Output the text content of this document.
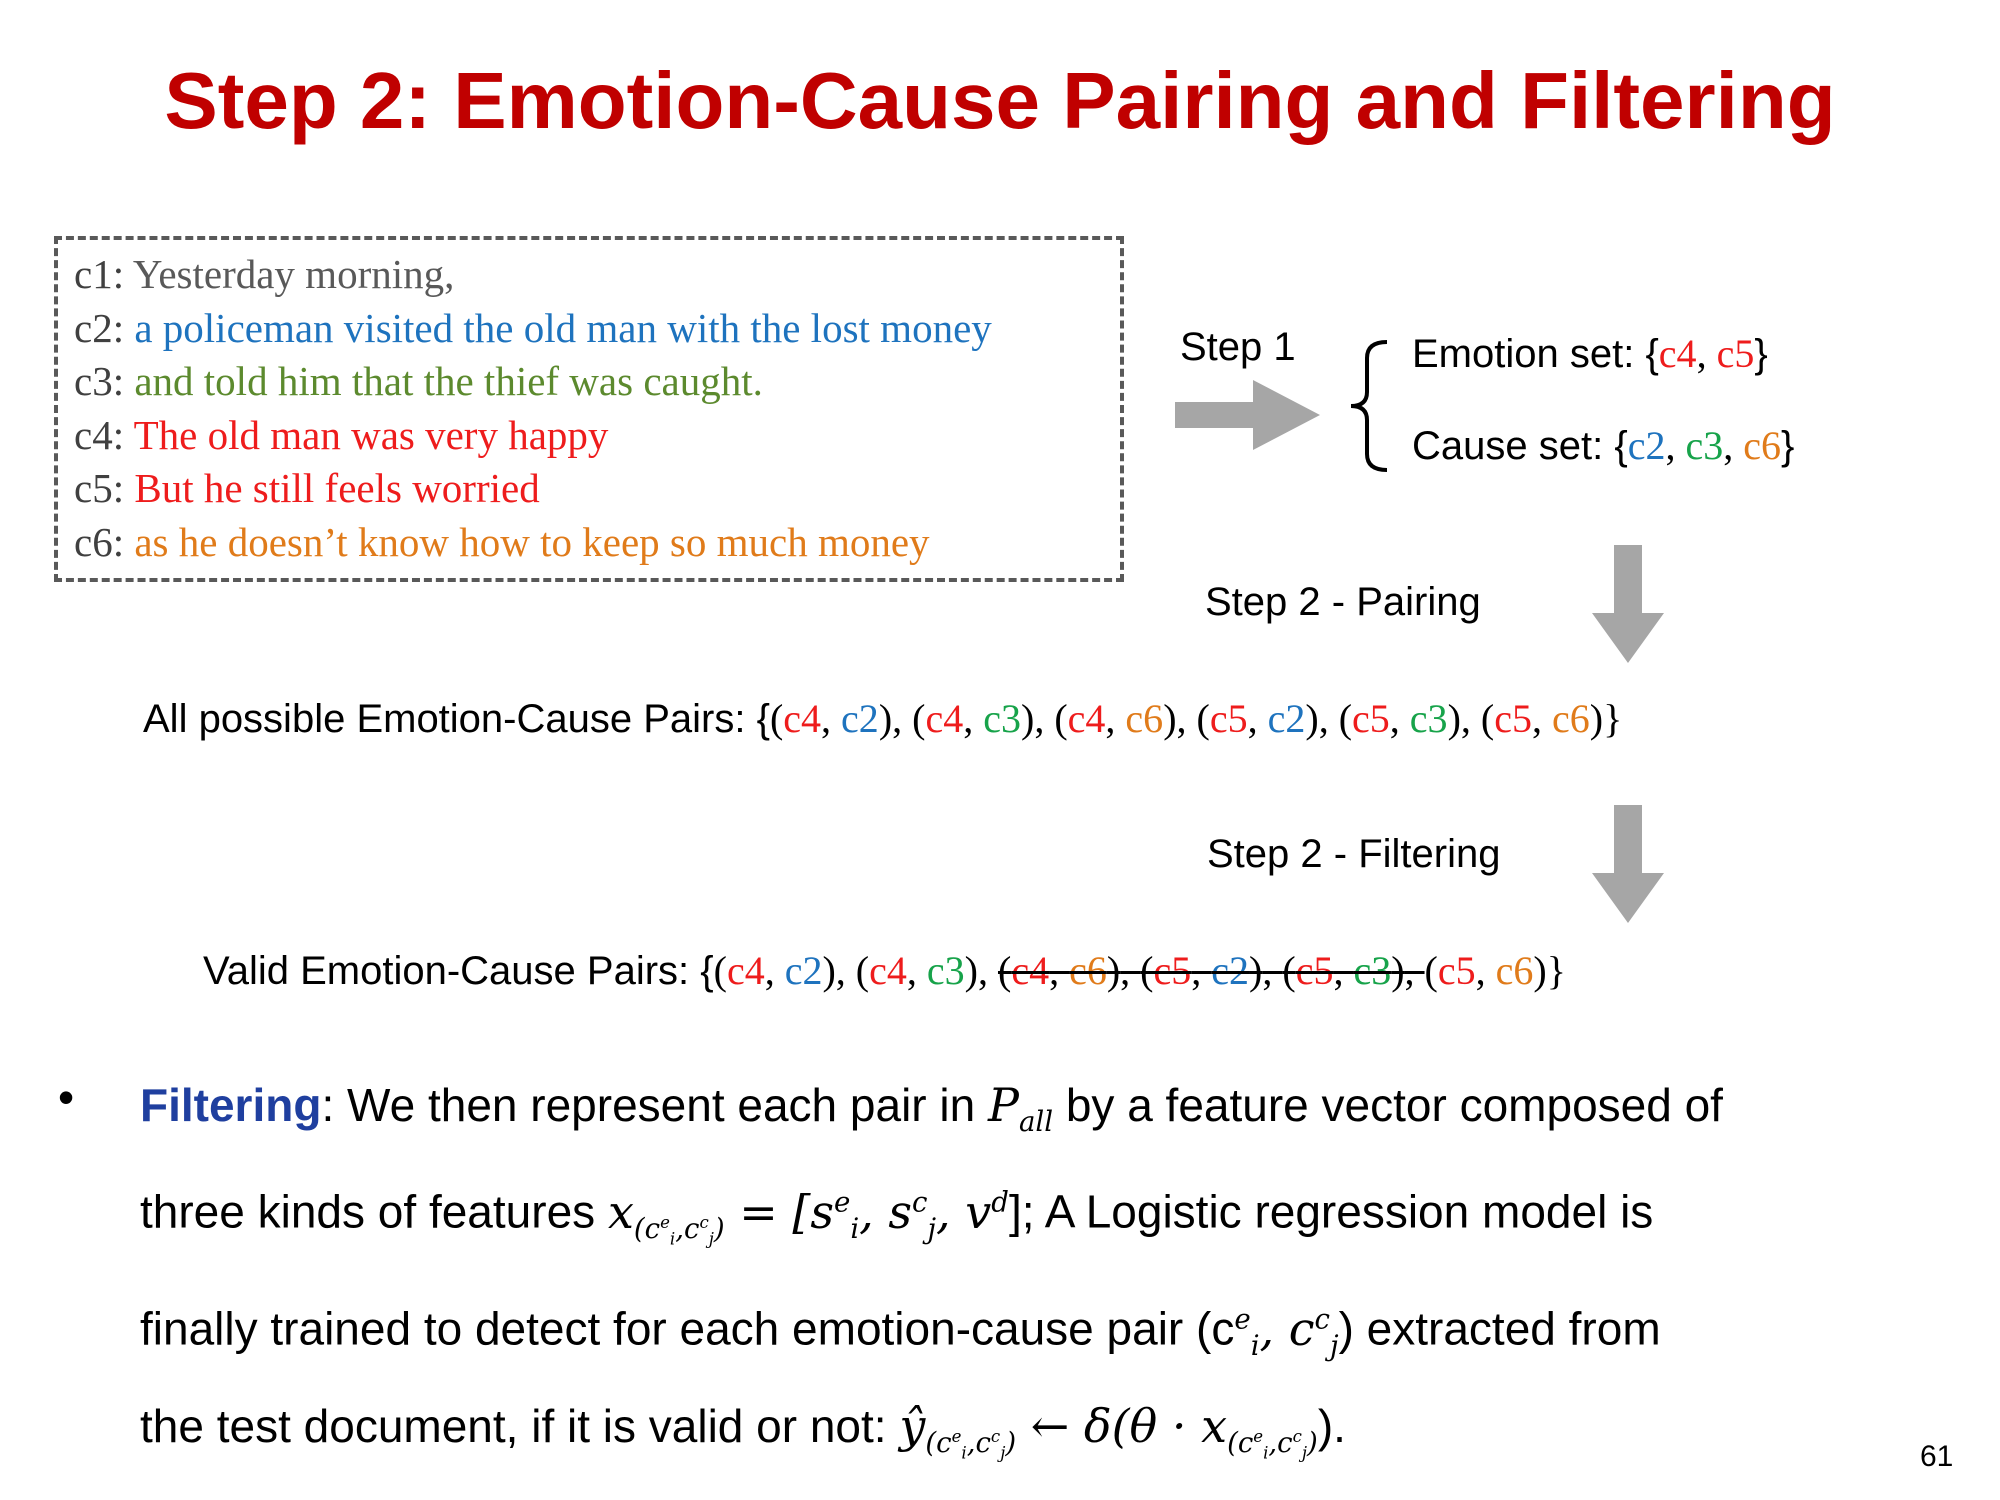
Step 2: Emotion-Cause Pairing and Filtering
c1: Yesterday morning,
c2: a policeman visited the old man with the lost money
c3: and told him that the thief was caught.
c4: The old man was very happy
c5: But he still feels worried
c6: as he doesn’t know how to keep so much money
Step 1	Emotion set: {c4, c5}
Cause set: {c2, c3, c6}
Step 2 - Pairing
All possible Emotion-Cause Pairs: {(c4, c2), (c4, c3), (c4, c6), (c5, c2), (c5, c3), (c5, c6)}
Step 2 - Filtering
Valid Emotion-Cause Pairs: {(c4, c2), (c4, c3), (c4, c6), (c5, c2), (c5, c3), (c5, c6)}
• Filtering: We then represent each pair in $P_{all}$ by a feature vector composed of
three kinds of features $x_{(c^e_i,c^c_j)} = [s^e_i$, $s^c_j$, $v^d$]; A Logistic regression model is
finally trained to detect for each emotion-cause pair ($c^e_i$, $c^c_j$) extracted from
the test document, if it is valid or not: $ŷ_{(c^e_i,c^c_j)}$ ← $\delta(\theta \cdot x_{(c^e_i,c^c_j)})$.
61
